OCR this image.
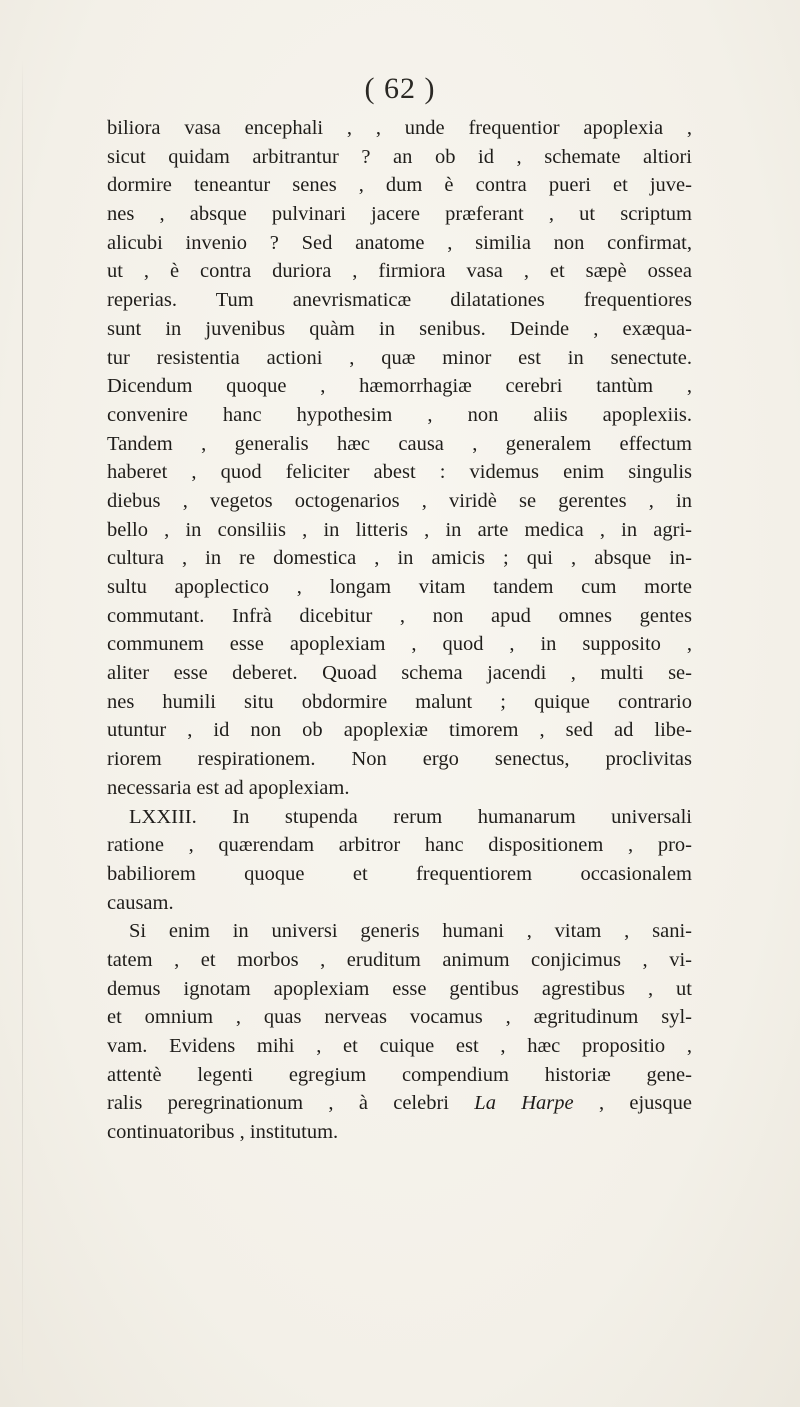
( 62 )
biliora vasa encephali , , unde frequentior apoplexia ,
sicut quidam arbitrantur ? an ob id , schemate altiori
dormire teneantur senes , dum è contra pueri et juve-
nes , absque pulvinari jacere præferant , ut scriptum
alicubi invenio ? Sed anatome , similia non confirmat,
ut , è contra duriora , firmiora vasa , et sæpè ossea
reperias. Tum anevrismaticæ dilatationes frequentiores
sunt in juvenibus quàm in senibus. Deinde , exæqua-
tur resistentia actioni , quæ minor est in senectute.
Dicendum quoque , hæmorrhagiæ cerebri tantùm ,
convenire hanc hypothesim , non aliis apoplexiis.
Tandem , generalis hæc causa , generalem effectum
haberet , quod feliciter abest : videmus enim singulis
diebus , vegetos octogenarios , viridè se gerentes , in
bello , in consiliis , in litteris , in arte medica , in agri-
cultura , in re domestica , in amicis ; qui , absque in-
sultu apoplectico , longam vitam tandem cum morte
commutant. Infrà dicebitur , non apud omnes gentes
communem esse apoplexiam , quod , in supposito ,
aliter esse deberet. Quoad schema jacendi , multi se-
nes humili situ obdormire malunt ; quique contrario
utuntur , id non ob apoplexiæ timorem , sed ad libe-
riorem respirationem. Non ergo senectus, proclivitas
necessaria est ad apoplexiam.
LXXIII. In stupenda rerum humanarum universali
ratione , quærendam arbitror hanc dispositionem , pro-
babiliorem quoque et frequentiorem occasionalem
causam.
Si enim in universi generis humani , vitam , sani-
tatem , et morbos , eruditum animum conjicimus , vi-
demus ignotam apoplexiam esse gentibus agrestibus , ut
et omnium , quas nerveas vocamus , ægritudinum syl-
vam. Evidens mihi , et cuique est , hæc propositio ,
attentè legenti egregium compendium historiæ gene-
ralis peregrinationum , à celebri La Harpe , ejusque
continuatoribus , institutum.
